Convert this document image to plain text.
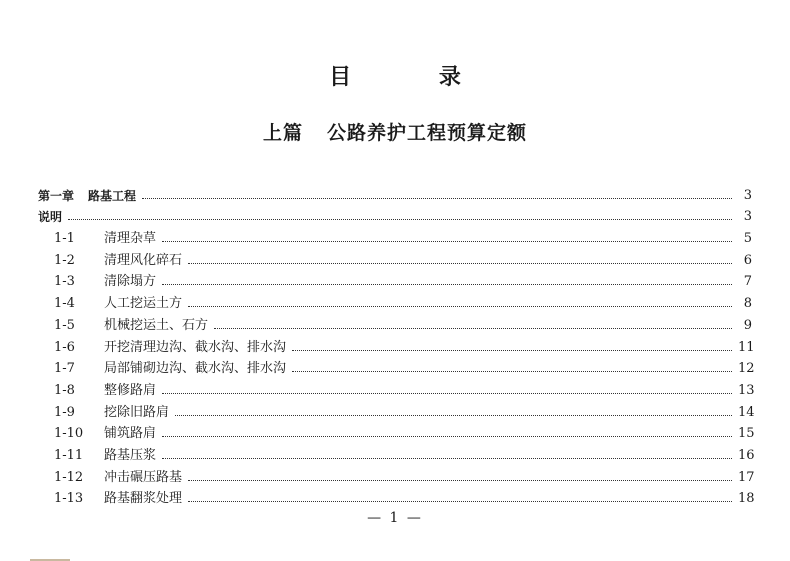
目 录
上篇 公路养护工程预算定额
第一章 路基工程	3
说明	3
1-1	清理杂草	5
1-2	清理风化碎石	6
1-3	清除塌方	7
1-4	人工挖运土方	8
1-5	机械挖运土、石方	9
1-6	开挖清理边沟、截水沟、排水沟	11
1-7	局部铺砌边沟、截水沟、排水沟	12
1-8	整修路肩	13
1-9	挖除旧路肩	14
1-10	铺筑路肩	15
1-11	路基压浆	16
1-12	冲击碾压路基	17
1-13	路基翻浆处理	18
— 1 —
